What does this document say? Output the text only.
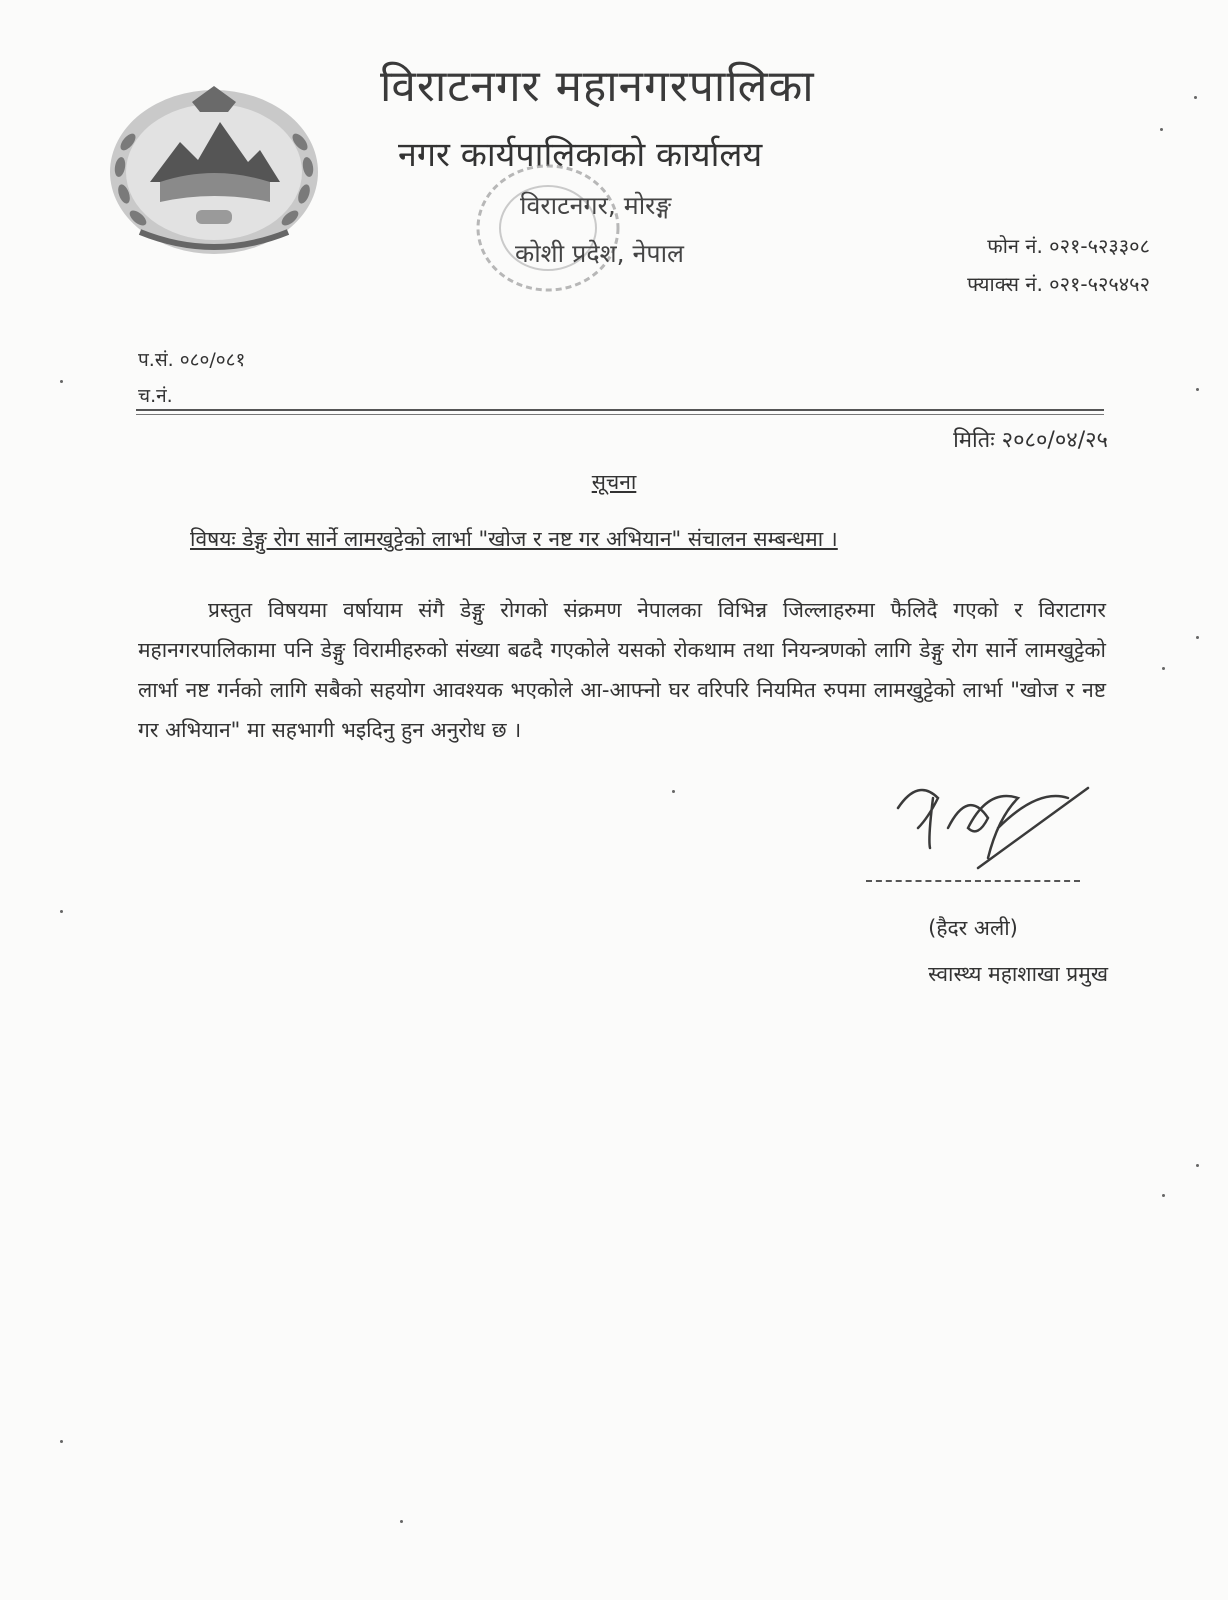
विराटनगर महानगरपालिका
नगर कार्यपालिकाको कार्यालय
विराटनगर, मोरङ्ग
कोशी प्रदेश, नेपाल	फोन नं. ०२१-५२३३०८
फ्याक्स नं. ०२१-५२५४५२
प.सं. ०८०/०८१
च.नं.
मितिः २०८०/०४/२५
सूचना
विषयः डेङ्गु रोग सार्ने लामखुट्टेको लार्भा "खोज र नष्ट गर अभियान" संचालन सम्बन्धमा ।
प्रस्तुत विषयमा वर्षायाम संगै डेङ्गु रोगको संक्रमण नेपालका विभिन्न जिल्लाहरुमा फैलिदै गएको र विराटागर महानगरपालिकामा पनि डेङ्गु विरामीहरुको संख्या बढदै गएकोले यसको रोकथाम तथा नियन्त्रणको लागि डेङ्गु रोग सार्ने लामखुट्टेको लार्भा नष्ट गर्नको लागि सबैको सहयोग आवश्यक भएकोले आ-आफ्नो घर वरिपरि नियमित रुपमा लामखुट्टेको लार्भा "खोज र नष्ट गर अभियान" मा सहभागी भइदिनु हुन अनुरोध छ ।
(हैदर अली)
स्वास्थ्य महाशाखा प्रमुख
